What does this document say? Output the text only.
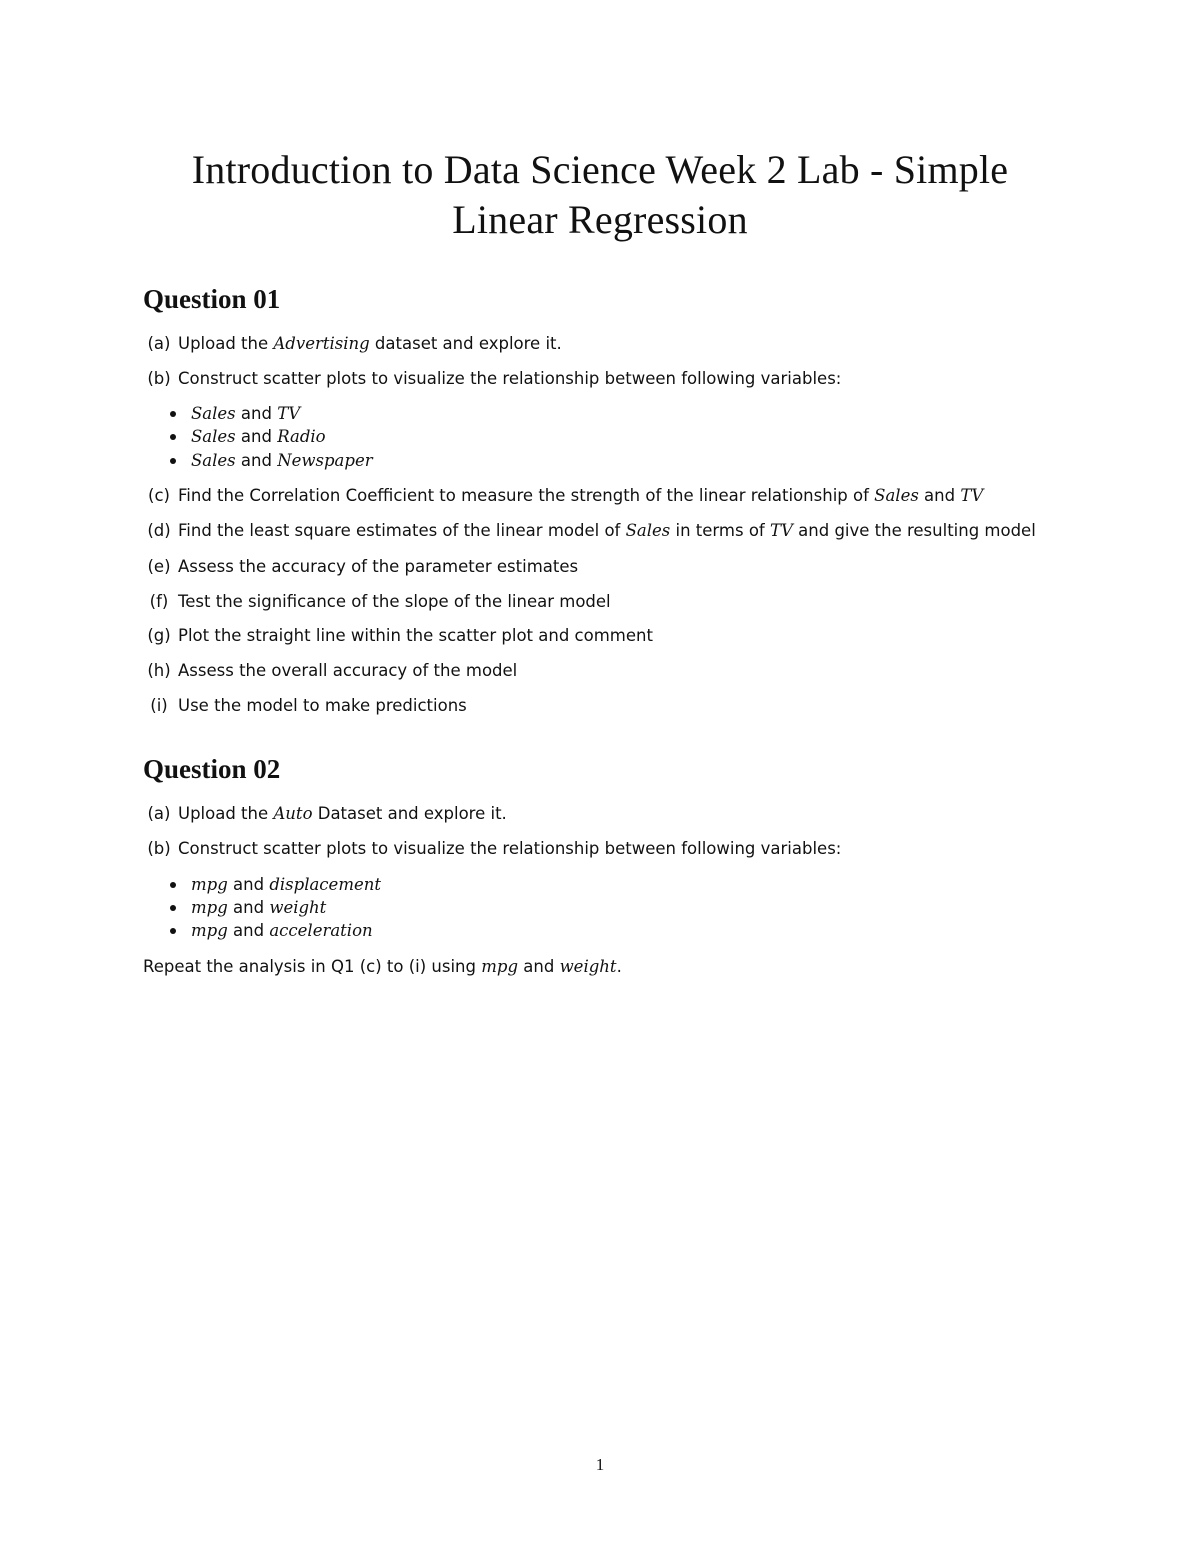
Introduction to Data Science Week 2 Lab - Simple
Linear Regression
Question 01
(a) Upload the Advertising dataset and explore it.
(b) Construct scatter plots to visualize the relationship between following variables:
Sales and TV
Sales and Radio
Sales and Newspaper
(c) Find the Correlation Coefficient to measure the strength of the linear relationship of Sales and TV
(d) Find the least square estimates of the linear model of Sales in terms of TV and give the resulting model
(e) Assess the accuracy of the parameter estimates
(f) Test the significance of the slope of the linear model
(g) Plot the straight line within the scatter plot and comment
(h) Assess the overall accuracy of the model
(i) Use the model to make predictions
Question 02
(a) Upload the Auto Dataset and explore it.
(b) Construct scatter plots to visualize the relationship between following variables:
mpg and displacement
mpg and weight
mpg and acceleration
Repeat the analysis in Q1 (c) to (i) using mpg and weight.
1
